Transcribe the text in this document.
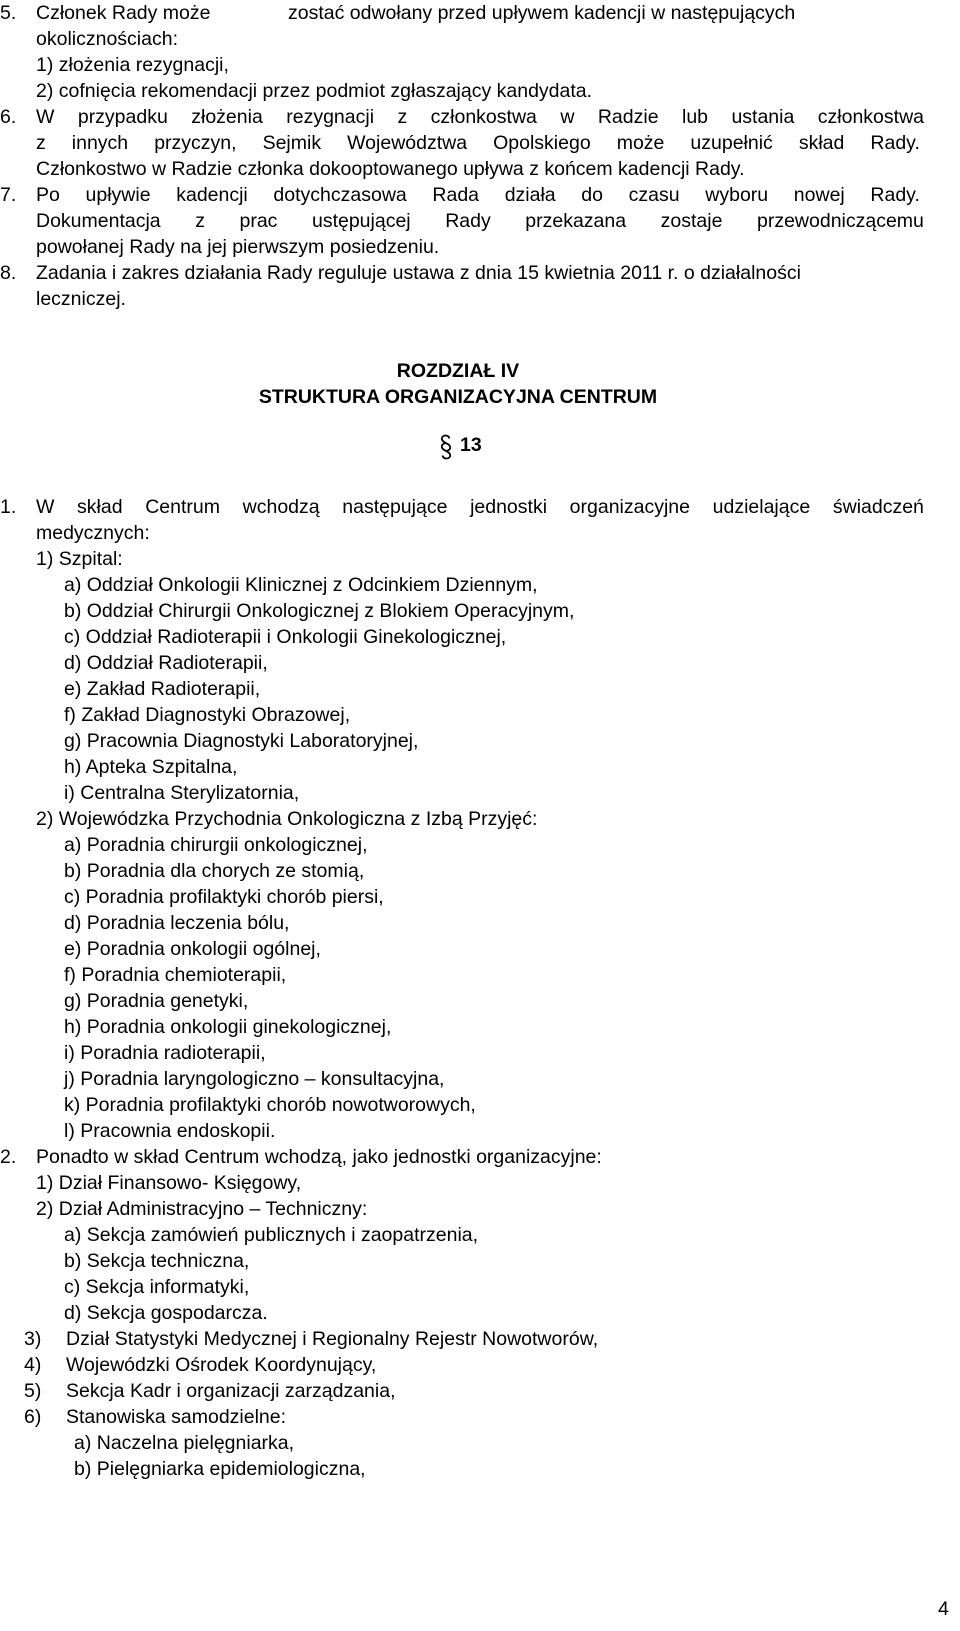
5. Członek Rady może	zostać odwołany przed upływem kadencji w następujących
okolicznościach:
1) złożenia rezygnacji,
2) cofnięcia rekomendacji przez podmiot zgłaszający kandydata.
6. W przypadku złożenia rezygnacji z członkostwa w Radzie lub ustania członkostwa
z innych przyczyn, Sejmik Województwa Opolskiego może uzupełnić skład Rady.
Członkostwo w Radzie członka dokooptowanego upływa z końcem kadencji Rady.
7. Po upływie kadencji dotychczasowa Rada działa do czasu wyboru nowej Rady.
Dokumentacja z prac ustępującej Rady przekazana zostaje przewodniczącemu
powołanej Rady na jej pierwszym posiedzeniu.
8. Zadania i zakres działania Rady reguluje ustawa z dnia 15 kwietnia 2011 r. o działalności
leczniczej.
ROZDZIAŁ IV
STRUKTURA ORGANIZACYJNA CENTRUM
13
1. W skład Centrum wchodzą następujące jednostki organizacyjne udzielające świadczeń
medycznych:
1) Szpital:
a) Oddział Onkologii Klinicznej z Odcinkiem Dziennym,
b) Oddział Chirurgii Onkologicznej z Blokiem Operacyjnym,
c) Oddział Radioterapii i Onkologii Ginekologicznej,
d) Oddział Radioterapii,
e) Zakład Radioterapii,
f) Zakład Diagnostyki Obrazowej,
g) Pracownia Diagnostyki Laboratoryjnej,
h) Apteka Szpitalna,
i) Centralna Sterylizatornia,
2) Wojewódzka Przychodnia Onkologiczna z Izbą Przyjęć:
a) Poradnia chirurgii onkologicznej,
b) Poradnia dla chorych ze stomią,
c) Poradnia profilaktyki chorób piersi,
d) Poradnia leczenia bólu,
e) Poradnia onkologii ogólnej,
f) Poradnia chemioterapii,
g) Poradnia genetyki,
h) Poradnia onkologii ginekologicznej,
i) Poradnia radioterapii,
j) Poradnia laryngologiczno – konsultacyjna,
k) Poradnia profilaktyki chorób nowotworowych,
l) Pracownia endoskopii.
2. Ponadto w skład Centrum wchodzą, jako jednostki organizacyjne:
1) Dział Finansowo- Księgowy,
2) Dział Administracyjno – Techniczny:
a) Sekcja zamówień publicznych i zaopatrzenia,
b) Sekcja techniczna,
c) Sekcja informatyki,
d) Sekcja gospodarcza.
3) Dział Statystyki Medycznej i Regionalny Rejestr Nowotworów,
4) Wojewódzki Ośrodek Koordynujący,
5) Sekcja Kadr i organizacji zarządzania,
6) Stanowiska samodzielne:
a) Naczelna pielęgniarka,
b) Pielęgniarka epidemiologiczna,
4
